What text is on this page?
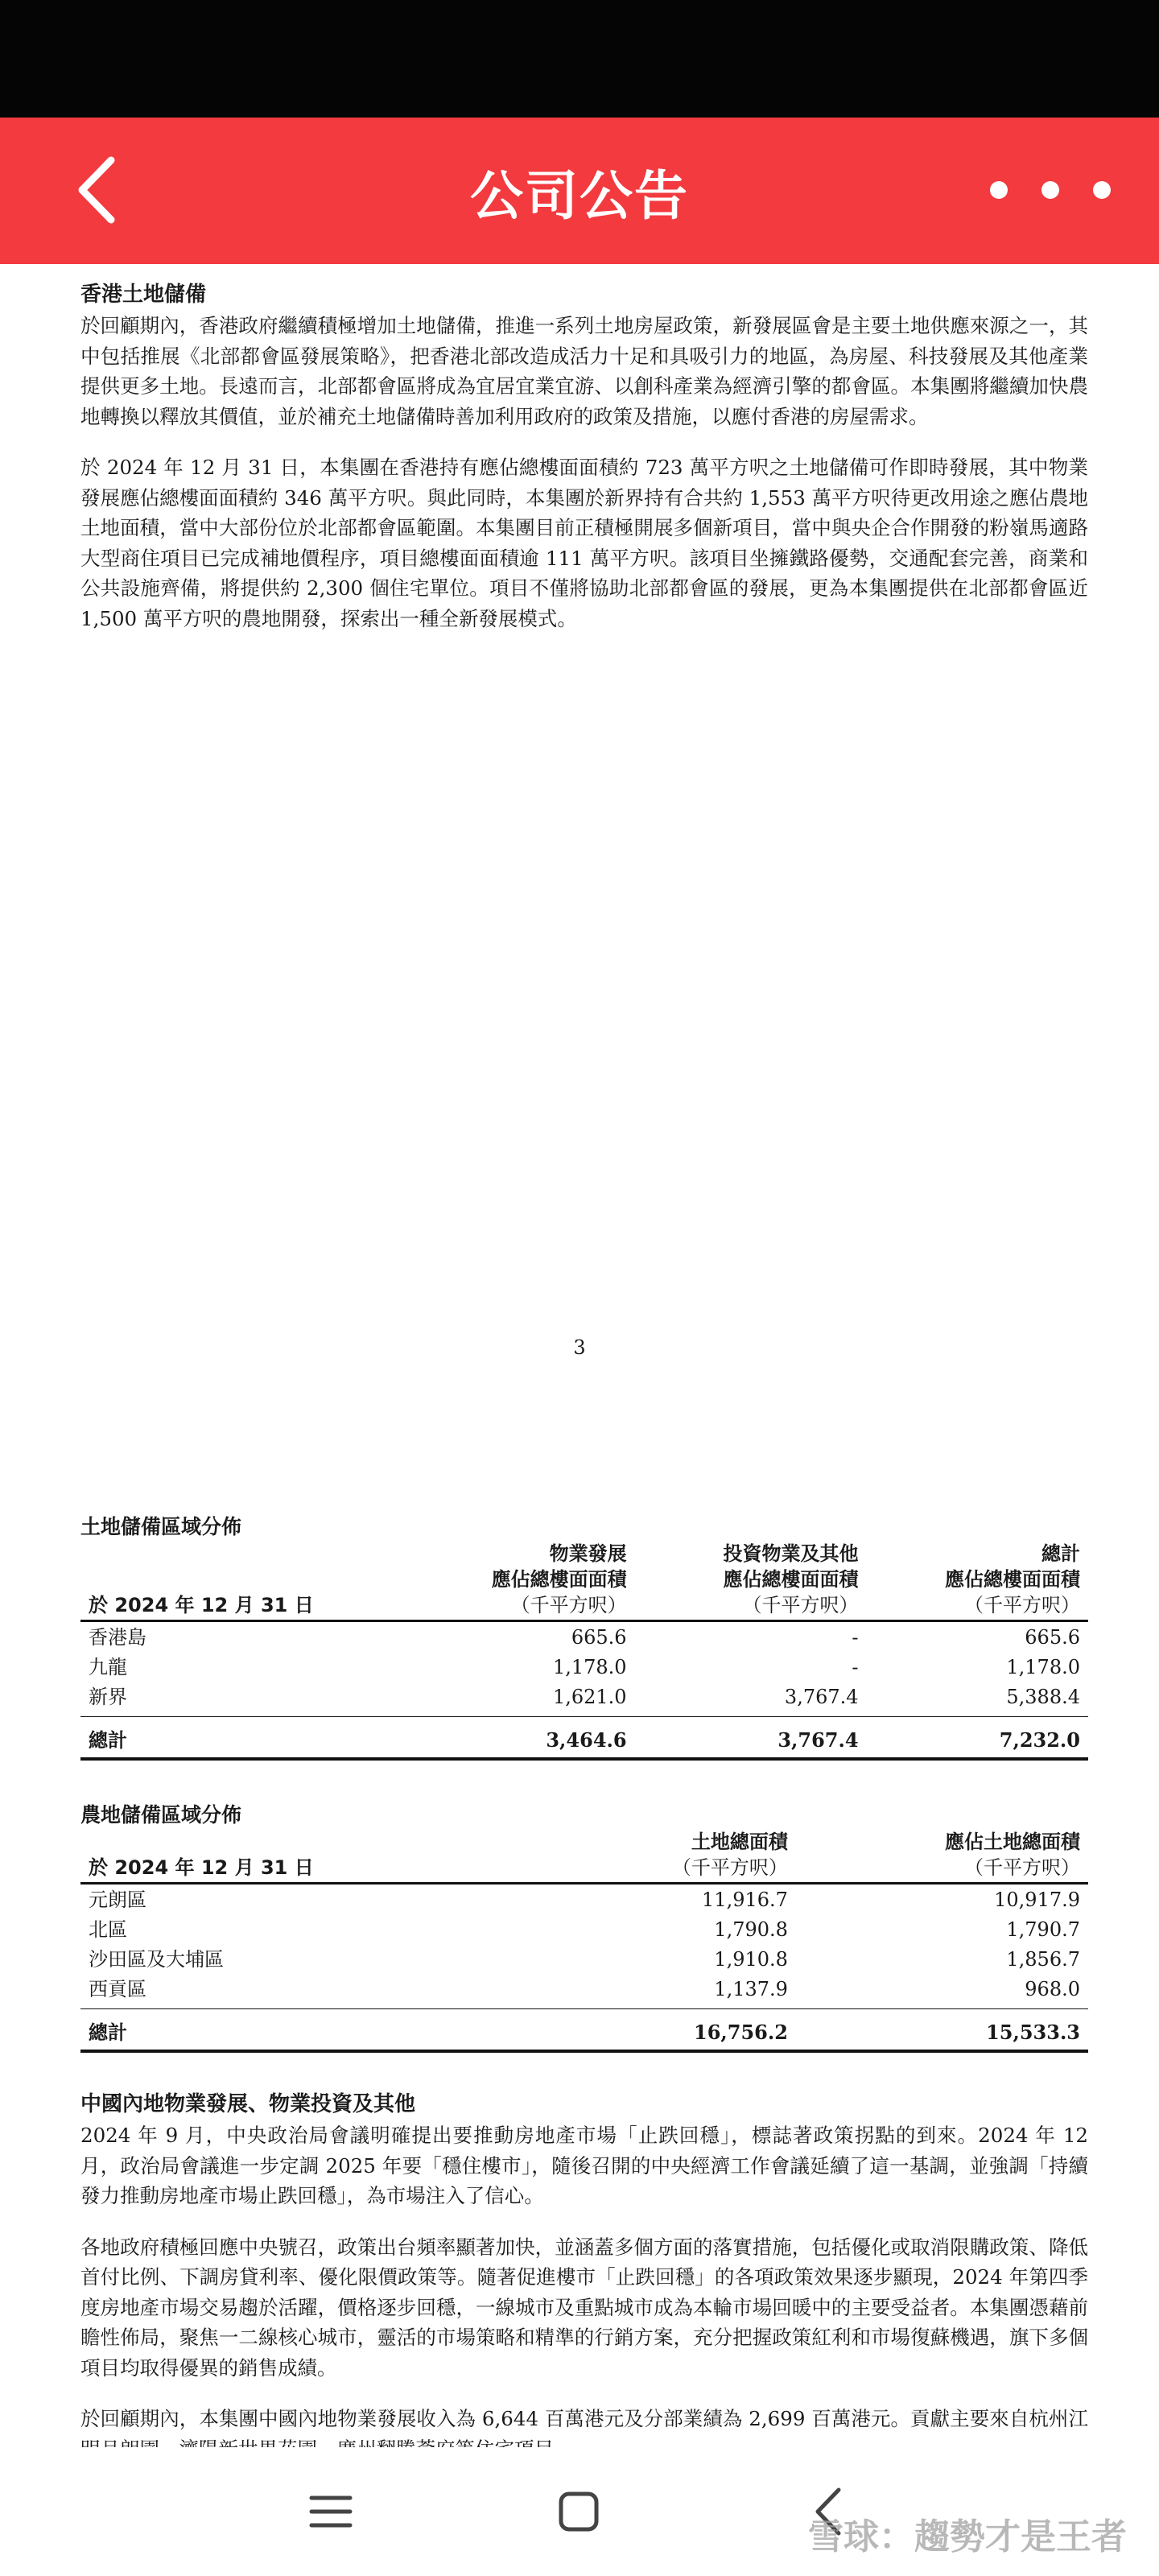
公司公告
香港土地儲備

於回顧期內，香港政府繼續積極增加土地儲備，推進一系列土地房屋政策，新發展區會是主要土地供應來源之一，其中包括推展《北部都會區發展策略》，把香港北部改造成活力十足和具吸引力的地區，為房屋、科技發展及其他產業提供更多土地。長遠而言，北部都會區將成為宜居宜業宜游、以創科產業為經濟引擎的都會區。本集團將繼續加快農地轉換以釋放其價值，並於補充土地儲備時善加利用政府的政策及措施，以應付香港的房屋需求。

於 2024 年 12 月 31 日，本集團在香港持有應佔總樓面面積約 723 萬平方呎之土地儲備可作即時發展，其中物業發展應佔總樓面面積約 346 萬平方呎。與此同時，本集團於新界持有合共約 1,553 萬平方呎待更改用途之應佔農地土地面積，當中大部份位於北部都會區範圍。本集團目前正積極開展多個新項目，當中與央企合作開發的粉嶺馬適路大型商住項目已完成補地價程序，項目總樓面面積逾 111 萬平方呎。該項目坐擁鐵路優勢，交通配套完善，商業和公共設施齊備，將提供約 2,300 個住宅單位。項目不僅將協助北部都會區的發展，更為本集團提供在北部都會區近 1,500 萬平方呎的農地開發，探索出一種全新發展模式。

3
土地儲備區域分佈
	物業發展	投資物業及其他	總計
	應佔總樓面面積	應佔總樓面面積	應佔總樓面面積
於 2024 年 12 月 31 日	（千平方呎）	（千平方呎）	（千平方呎）
香港島	665.6	-	665.6
九龍	1,178.0	-	1,178.0
新界	1,621.0	3,767.4	5,388.4
總計	3,464.6	3,767.4	7,232.0
農地儲備區域分佈
	土地總面積	應佔土地總面積
於 2024 年 12 月 31 日	（千平方呎）	（千平方呎）
元朗區	11,916.7	10,917.9
北區	1,790.8	1,790.7
沙田區及大埔區	1,910.8	1,856.7
西貢區	1,137.9	968.0
總計	16,756.2	15,533.3
中國內地物業發展、物業投資及其他

2024 年 9 月，中央政治局會議明確提出要推動房地產市場「止跌回穩」，標誌著政策拐點的到來。2024 年 12 月，政治局會議進一步定調 2025 年要「穩住樓市」，隨後召開的中央經濟工作會議延續了這一基調，並強調「持續發力推動房地產市場止跌回穩」，為市場注入了信心。

各地政府積極回應中央號召，政策出台頻率顯著加快，並涵蓋多個方面的落實措施，包括優化或取消限購政策、降低首付比例、下調房貸利率、優化限價政策等。隨著促進樓市「止跌回穩」的各項政策效果逐步顯現，2024 年第四季度房地產市場交易趨於活躍，價格逐步回穩，一線城市及重點城市成為本輪市場回暖中的主要受益者。本集團憑藉前瞻性佈局，聚焦一二線核心城市，靈活的市場策略和精準的行銷方案，充分把握政策紅利和市場復蘇機遇，旗下多個項目均取得優異的銷售成績。

於回顧期內，本集團中國內地物業發展收入為 6,644 百萬港元及分部業績為 2,699 百萬港元。貢獻主要來自杭州江

雪球：趨勢才是王者
